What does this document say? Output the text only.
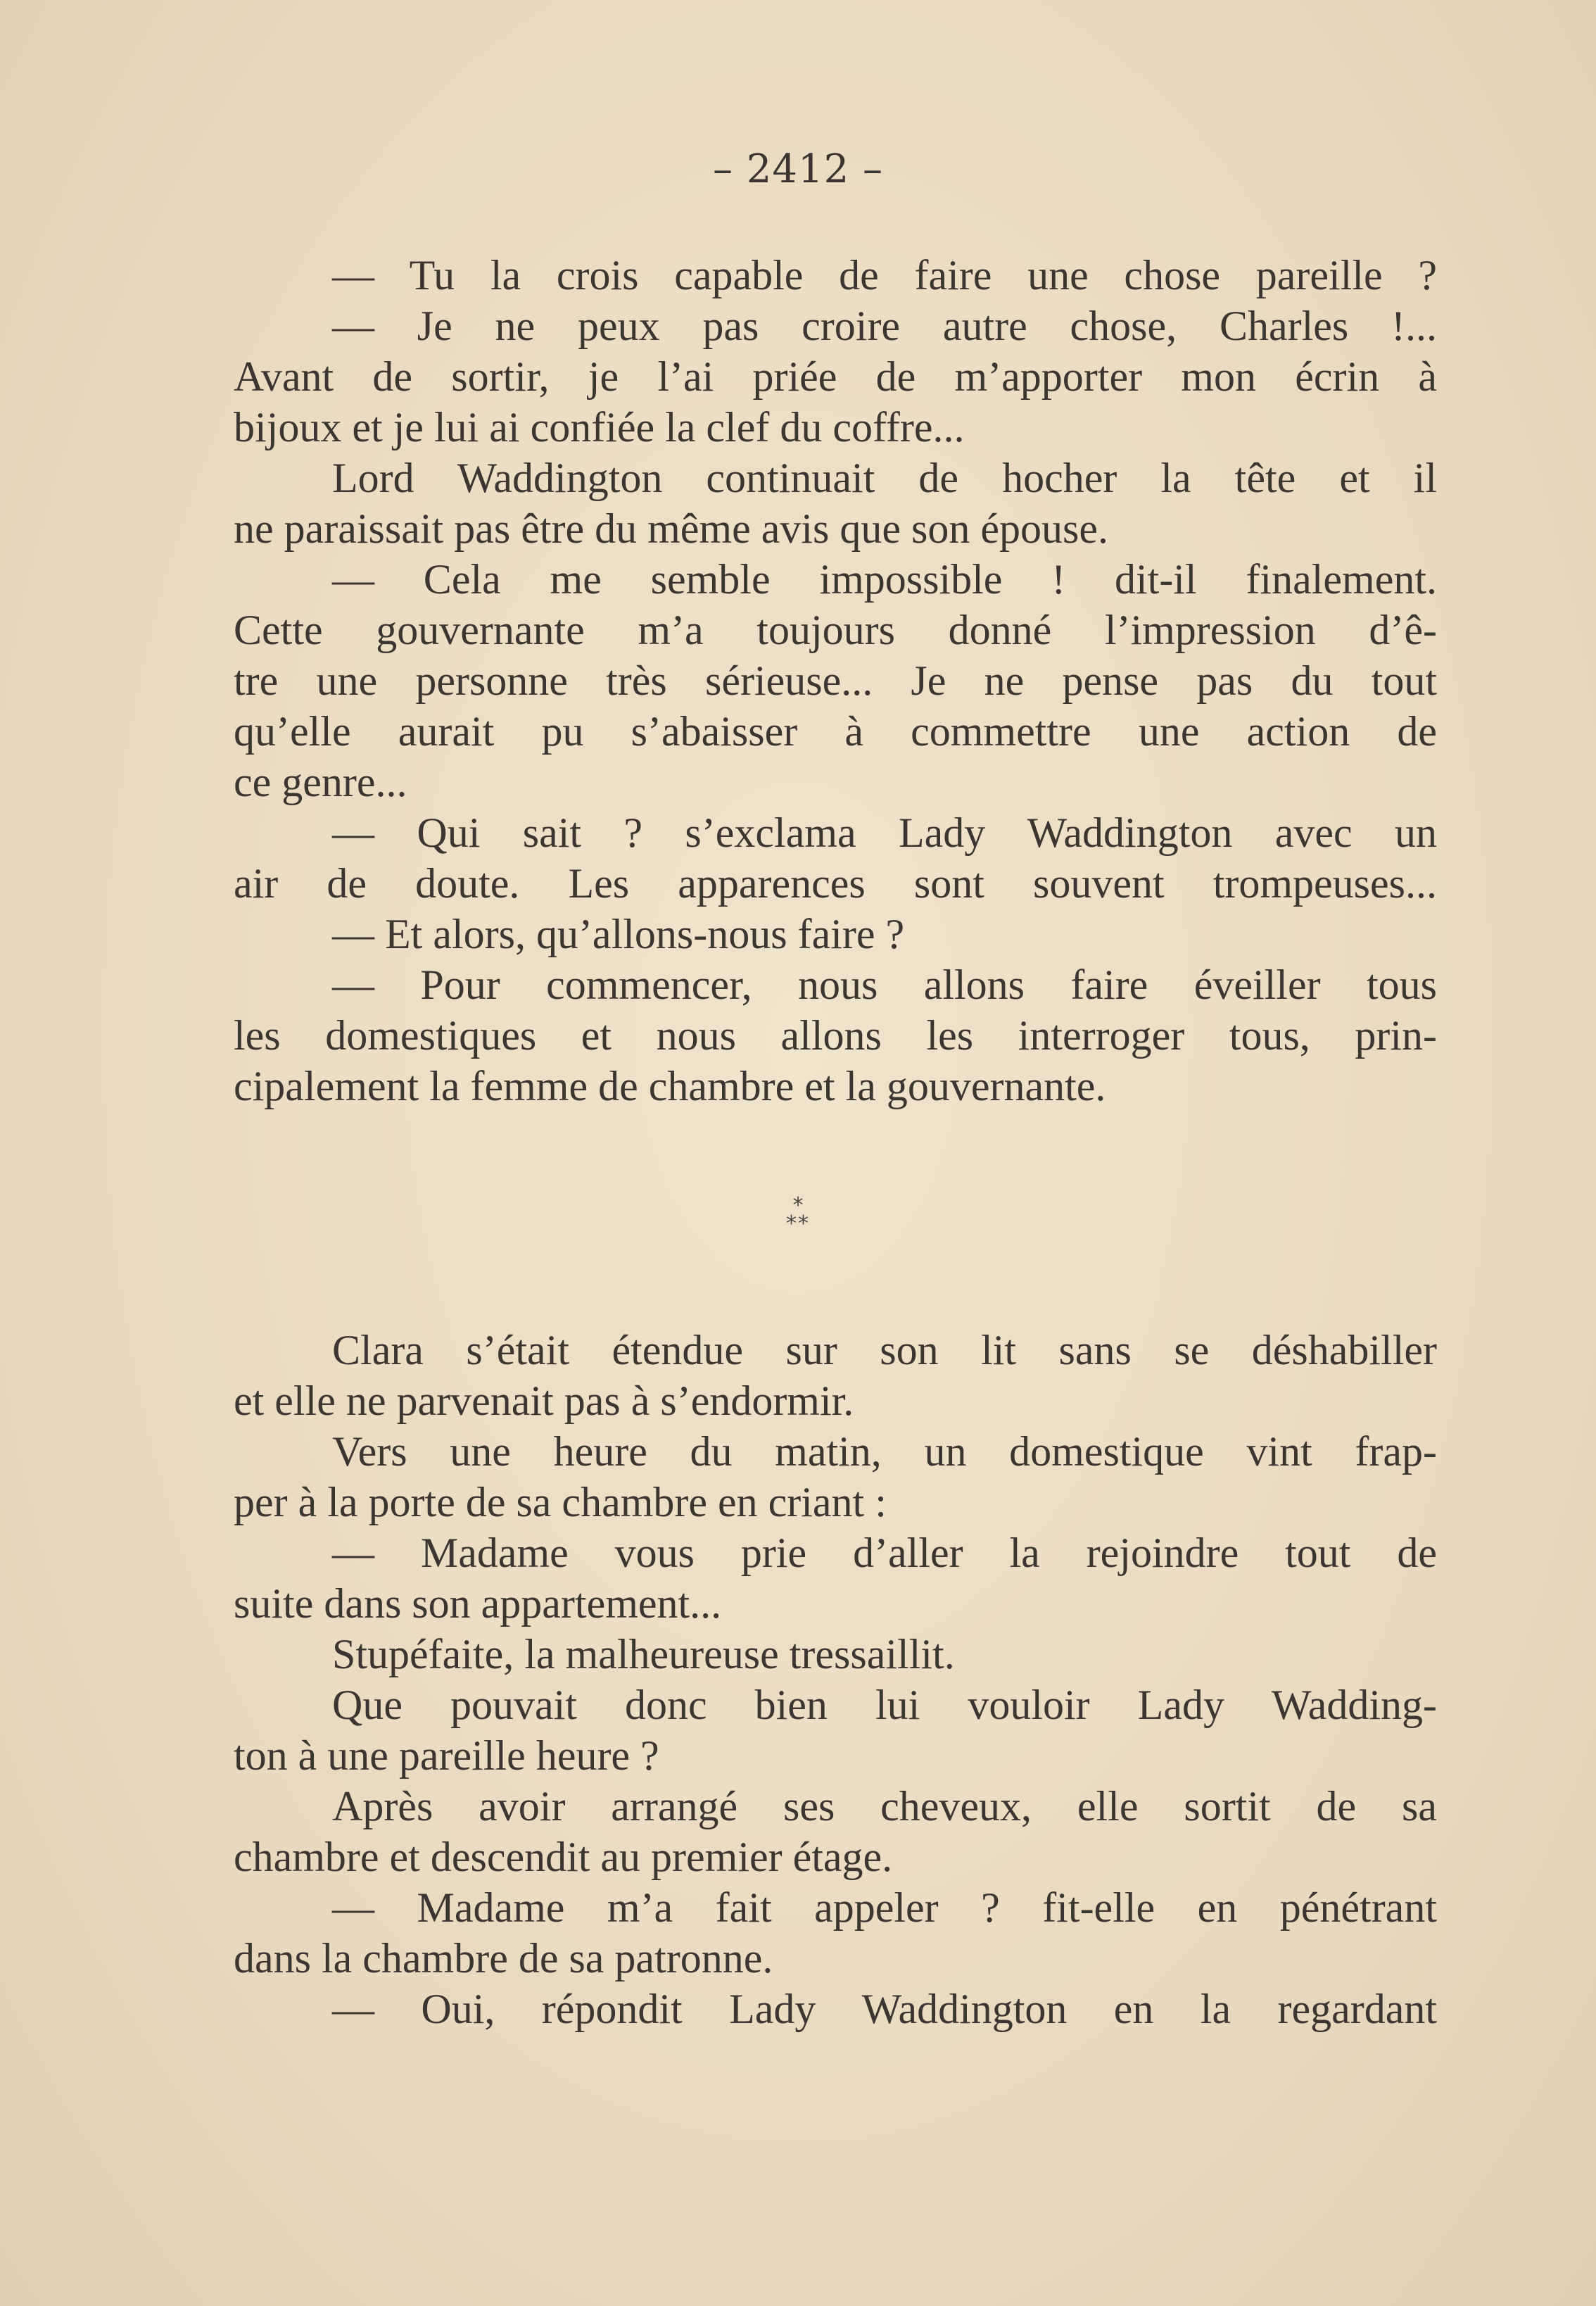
– 2412 –
— Tu la crois capable de faire une chose pareille ?
— Je ne peux pas croire autre chose, Charles !...
Avant de sortir, je l’ai priée de m’apporter mon écrin à
bijoux et je lui ai confiée la clef du coffre...
Lord Waddington continuait de hocher la tête et il
ne paraissait pas être du même avis que son épouse.
— Cela me semble impossible ! dit-il finalement.
Cette gouvernante m’a toujours donné l’impression d’ê-
tre une personne très sérieuse... Je ne pense pas du tout
qu’elle aurait pu s’abaisser à commettre une action de
ce genre...
— Qui sait ? s’exclama Lady Waddington avec un
air de doute. Les apparences sont souvent trompeuses...
— Et alors, qu’allons-nous faire ?
— Pour commencer, nous allons faire éveiller tous
les domestiques et nous allons les interroger tous, prin-
cipalement la femme de chambre et la gouvernante.
*
**
Clara s’était étendue sur son lit sans se déshabiller
et elle ne parvenait pas à s’endormir.
Vers une heure du matin, un domestique vint frap-
per à la porte de sa chambre en criant :
— Madame vous prie d’aller la rejoindre tout de
suite dans son appartement...
Stupéfaite, la malheureuse tressaillit.
Que pouvait donc bien lui vouloir Lady Wadding-
ton à une pareille heure ?
Après avoir arrangé ses cheveux, elle sortit de sa
chambre et descendit au premier étage.
— Madame m’a fait appeler ? fit-elle en pénétrant
dans la chambre de sa patronne.
— Oui, répondit Lady Waddington en la regardant
